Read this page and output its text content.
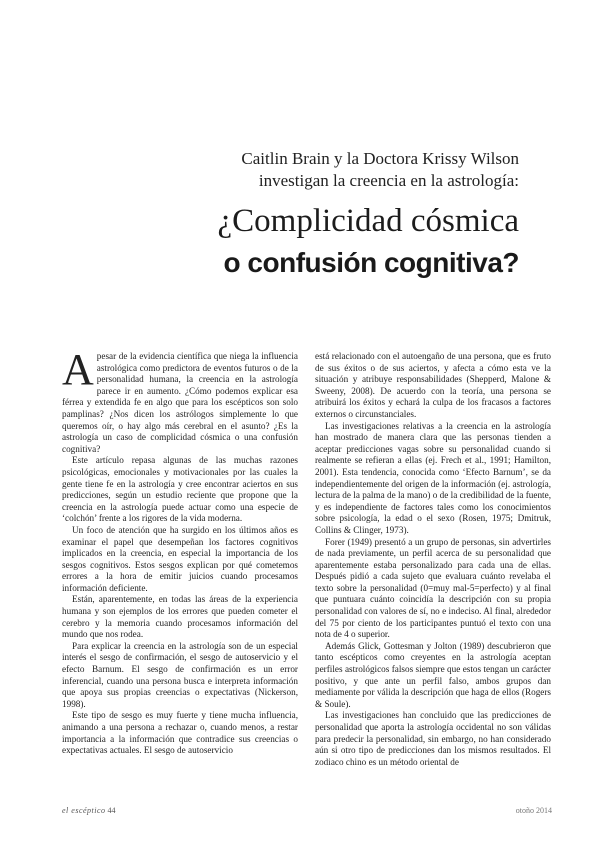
Caitlin Brain y la Doctora Krissy Wilson
investigan la creencia en la astrología:
¿Complicidad cósmica
o confusión cognitiva?

Apesar de la evidencia científica que niega la influencia astrológica como predictora de eventos futuros o de la personalidad humana, la creencia en la astrología parece ir en aumento. ¿Cómo podemos explicar esa férrea y extendida fe en algo que para los escépticos son solo pamplinas? ¿Nos dicen los astrólogos simplemente lo que queremos oír, o hay algo más cerebral en el asunto? ¿Es la astrología un caso de complicidad cósmica o una confusión cognitiva?

Este artículo repasa algunas de las muchas razones psicológicas, emocionales y motivacionales por las cuales la gente tiene fe en la astrología y cree encontrar aciertos en sus predicciones, según un estudio reciente que propone que la creencia en la astrología puede actuar como una especie de ‘colchón’ frente a los rigores de la vida moderna.

Un foco de atención que ha surgido en los últimos años es examinar el papel que desempeñan los factores cognitivos implicados en la creencia, en especial la importancia de los sesgos cognitivos. Estos sesgos explican por qué cometemos errores a la hora de emitir juicios cuando procesamos información deficiente.

Están, aparentemente, en todas las áreas de la experiencia humana y son ejemplos de los errores que pueden cometer el cerebro y la memoria cuando procesamos información del mundo que nos rodea.

Para explicar la creencia en la astrología son de un especial interés el sesgo de confirmación, el sesgo de autoservicio y el efecto Barnum. El sesgo de confirmación es un error inferencial, cuando una persona busca e interpreta información que apoya sus propias creencias o expectativas (Nickerson, 1998).

Este tipo de sesgo es muy fuerte y tiene mucha influencia, animando a una persona a rechazar o, cuando menos, a restar importancia a la información que contradice sus creencias o expectativas actuales. El sesgo de autoservicio

está relacionado con el autoengaño de una persona, que es fruto de sus éxitos o de sus aciertos, y afecta a cómo esta ve la situación y atribuye responsabilidades (Shepperd, Malone & Sweeny, 2008). De acuerdo con la teoría, una persona se atribuirá los éxitos y echará la culpa de los fracasos a factores externos o circunstanciales.

Las investigaciones relativas a la creencia en la astrología han mostrado de manera clara que las personas tienden a aceptar predicciones vagas sobre su personalidad cuando si realmente se refieran a ellas (ej. Frech et al., 1991; Hamilton, 2001). Esta tendencia, conocida como ‘Efecto Barnum’, se da independientemente del origen de la información (ej. astrología, lectura de la palma de la mano) o de la credibilidad de la fuente, y es independiente de factores tales como los conocimientos sobre psicología, la edad o el sexo (Rosen, 1975; Dmitruk, Collins & Clinger, 1973).

Forer (1949) presentó a un grupo de personas, sin advertirles de nada previamente, un perfil acerca de su personalidad que aparentemente estaba personalizado para cada una de ellas. Después pidió a cada sujeto que evaluara cuánto revelaba el texto sobre la personalidad (0=muy mal-5=perfecto) y al final que puntuara cuánto coincidía la descripción con su propia personalidad con valores de sí, no e indeciso. Al final, alrededor del 75 por ciento de los participantes puntuó el texto con una nota de 4 o superior.

Además Glick, Gottesman y Jolton (1989) descubrieron que tanto escépticos como creyentes en la astrología aceptan perfiles astrológicos falsos siempre que estos tengan un carácter positivo, y que ante un perfil falso, ambos grupos dan mediamente por válida la descripción que haga de ellos (Rogers & Soule).

Las investigaciones han concluido que las predicciones de personalidad que aporta la astrología occidental no son válidas para predecir la personalidad, sin embargo, no han considerado aún si otro tipo de predicciones dan los mismos resultados. El zodiaco chino es un método oriental de

el escéptico 44	otoño 2014
